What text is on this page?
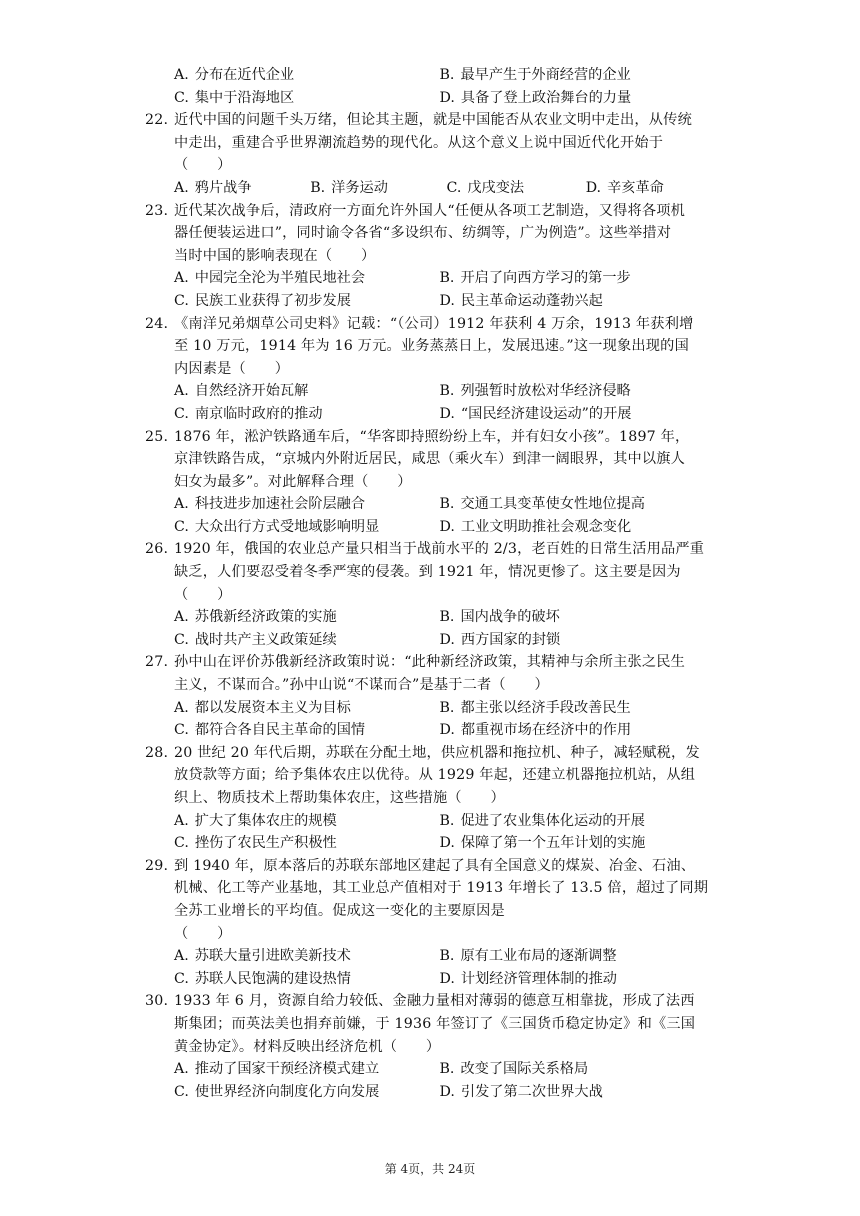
A. 分布在近代企业	B. 最早产生于外商经营的企业
C. 集中于沿海地区	D. 具备了登上政治舞台的力量
22. 近代中国的问题千头万绪，但论其主题，就是中国能否从农业文明中走出，从传统
中走出，重建合乎世界潮流趋势的现代化。从这个意义上说中国近代化开始于
（　　）
A. 鸦片战争	B. 洋务运动	C. 戊戌变法	D. 辛亥革命
23. 近代某次战争后，清政府一方面允许外国人“任便从各项工艺制造，又得将各项机
器任便装运进口”，同时谕令各省“多设织布、纺绸等，广为例造”。这些举措对
当时中国的影响表现在（　　）
A. 中园完全沦为半殖民地社会	B. 开启了向西方学习的第一步
C. 民族工业获得了初步发展	D. 民主革命运动蓬勃兴起
24. 《南洋兄弟烟草公司史料》记载：“（公司）1912 年获利 4 万余，1913 年获利增
至 10 万元，1914 年为 16 万元。业务蒸蒸日上，发展迅速。”这一现象出现的国
内因素是（　　）
A. 自然经济开始瓦解	B. 列强暂时放松对华经济侵略
C. 南京临时政府的推动	D. “国民经济建设运动”的开展
25. 1876 年，淞沪铁路通车后，“华客即持照纷纷上车，并有妇女小孩”。1897 年，
京津铁路告成，“京城内外附近居民，咸思（乘火车）到津一阔眼界，其中以旗人
妇女为最多”。对此解释合理（　　）
A. 科技进步加速社会阶层融合	B. 交通工具变革使女性地位提高
C. 大众出行方式受地域影响明显	D. 工业文明助推社会观念变化
26. 1920 年，俄国的农业总产量只相当于战前水平的 2/3，老百姓的日常生活用品严重
缺乏，人们要忍受着冬季严寒的侵袭。到 1921 年，情况更惨了。这主要是因为
（　　）
A. 苏俄新经济政策的实施	B. 国内战争的破坏
C. 战时共产主义政策延续	D. 西方国家的封锁
27. 孙中山在评价苏俄新经济政策时说：“此种新经济政策，其精神与余所主张之民生
主义，不谋而合。”孙中山说“不谋而合”是基于二者（　　）
A. 都以发展资本主义为目标	B. 都主张以经济手段改善民生
C. 都符合各自民主革命的国情	D. 都重视市场在经济中的作用
28. 20 世纪 20 年代后期，苏联在分配土地，供应机器和拖拉机、种子，减轻赋税，发
放贷款等方面；给予集体农庄以优待。从 1929 年起，还建立机器拖拉机站，从组
织上、物质技术上帮助集体农庄，这些措施（　　）
A. 扩大了集体农庄的规模	B. 促进了农业集体化运动的开展
C. 挫伤了农民生产积极性	D. 保障了第一个五年计划的实施
29. 到 1940 年，原本落后的苏联东部地区建起了具有全国意义的煤炭、冶金、石油、
机械、化工等产业基地，其工业总产值相对于 1913 年增长了 13.5 倍，超过了同期
全苏工业增长的平均值。促成这一变化的主要原因是
（　　）
A. 苏联大量引进欧美新技术	B. 原有工业布局的逐渐调整
C. 苏联人民饱满的建设热情	D. 计划经济管理体制的推动
30. 1933 年 6 月，资源自给力较低、金融力量相对薄弱的德意互相靠拢，形成了法西
斯集团；而英法美也捐弃前嫌，于 1936 年签订了《三国货币稳定协定》和《三国
黄金协定》。材料反映出经济危机（　　）
A. 推动了国家干预经济模式建立	B. 改变了国际关系格局
C. 使世界经济向制度化方向发展	D. 引发了第二次世界大战
第 4页，共 24页
